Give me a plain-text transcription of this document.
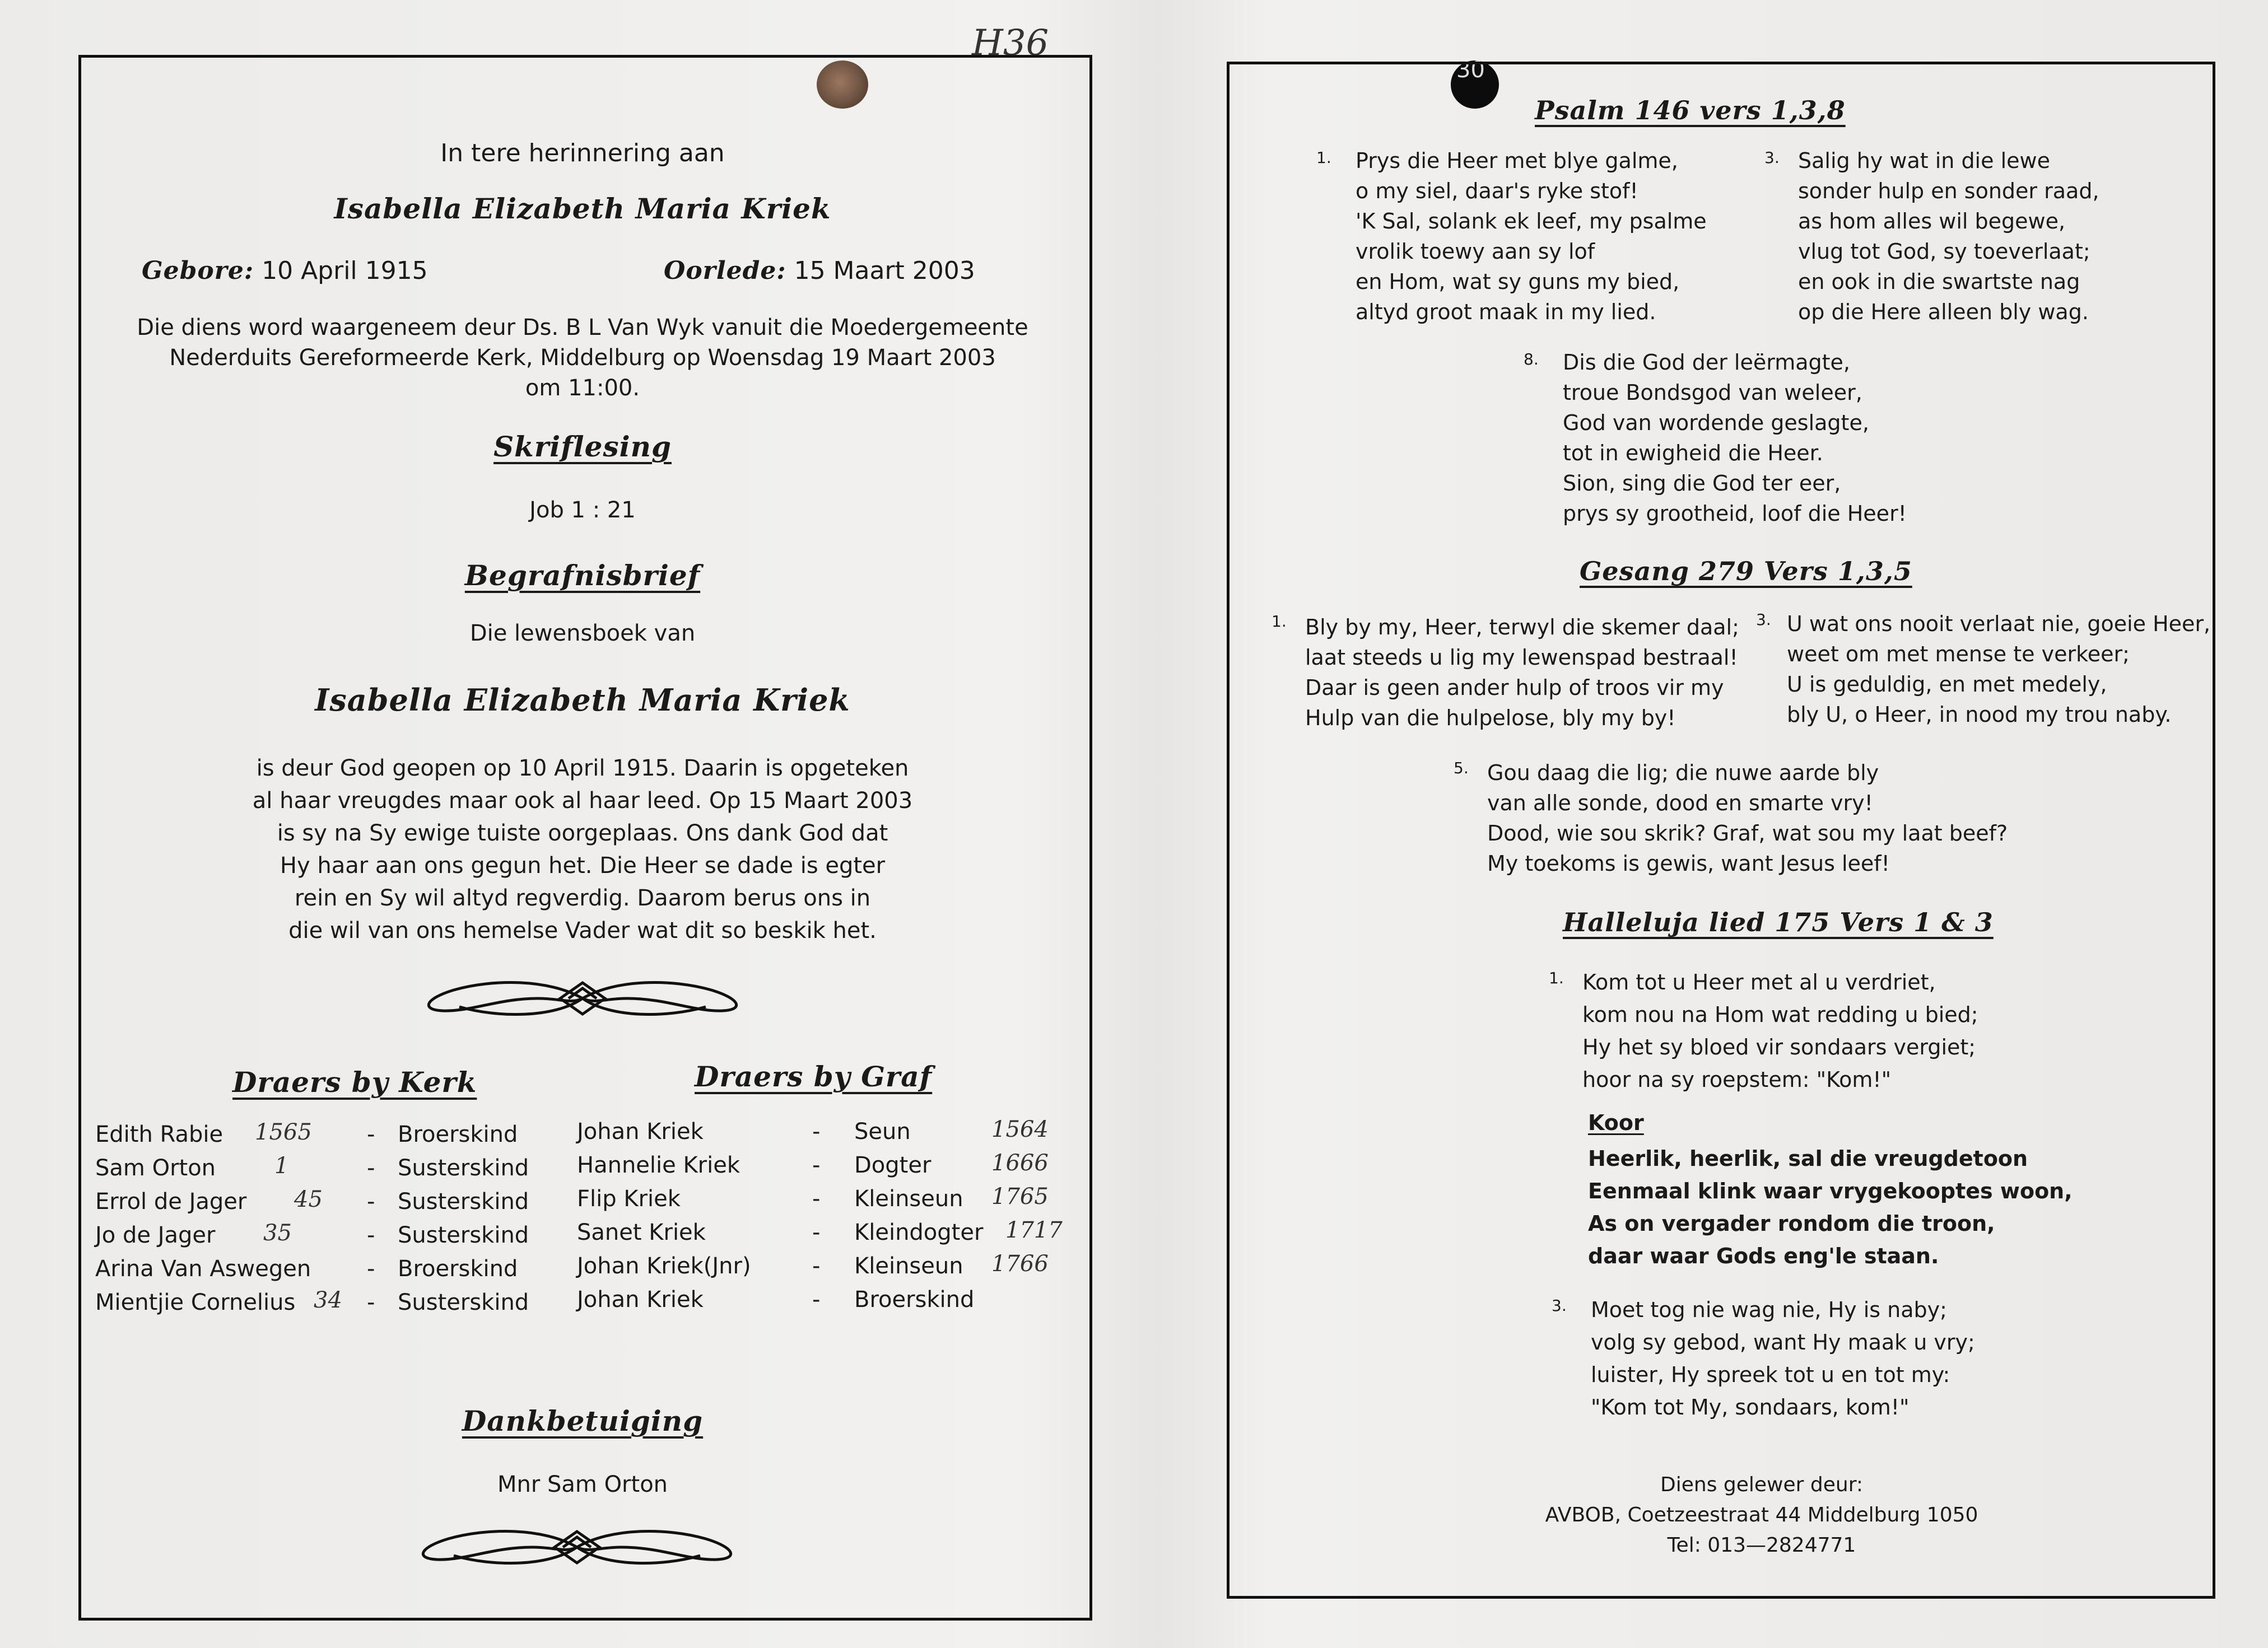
H36
30
In tere herinnering aan
Isabella Elizabeth Maria Kriek
Gebore: 10 April 1915	Oorlede: 15 Maart 2003
Die diens word waargeneem deur Ds. B L Van Wyk vanuit die Moedergemeente
Nederduits Gereformeerde Kerk, Middelburg op Woensdag 19 Maart 2003
om 11:00.
Skriflesing
Job 1 : 21
Begrafnisbrief
Die lewensboek van
Isabella Elizabeth Maria Kriek
is deur God geopen op 10 April 1915. Daarin is opgeteken
al haar vreugdes maar ook al haar leed. Op 15 Maart 2003
is sy na Sy ewige tuiste oorgeplaas. Ons dank God dat
Hy haar aan ons gegun het. Die Heer se dade is egter
rein en Sy wil altyd regverdig. Daarom berus ons in
die wil van ons hemelse Vader wat dit so beskik het.
Draers by Kerk	Draers by Graf
Edith Rabie 1565 - Broerskind
Sam Orton	1	- Susterskind
Errol de Jager 45 - Susterskind
Jo de Jager 35	- Susterskind
Arina Van Aswegen - Broerskind
Mientjie Cornelius 34 - Susterskind
Johan Kriek	- Seun	1564
Hannelie Kriek	- Dogter	1666
Flip Kriek	- Kleinseun 1765
Sanet Kriek	- Kleindogter 1717
Johan Kriek(Jnr)	- Kleinseun 1766
Johan Kriek	- Broerskind
Dankbetuiging
Mnr Sam Orton
Psalm 146 vers 1,3,8
1. Prys die Heer met blye galme,
o my siel, daar's ryke stof!
'K Sal, solank ek leef, my psalme
vrolik toewy aan sy lof
en Hom, wat sy guns my bied,
altyd groot maak in my lied.
3. Salig hy wat in die lewe
sonder hulp en sonder raad,
as hom alles wil begewe,
vlug tot God, sy toeverlaat;
en ook in die swartste nag
op die Here alleen bly wag.
8. Dis die God der leërmagte,
troue Bondsgod van weleer,
God van wordende geslagte,
tot in ewigheid die Heer.
Sion, sing die God ter eer,
prys sy grootheid, loof die Heer!
Gesang 279 Vers 1,3,5
1. Bly by my, Heer, terwyl die skemer daal;
laat steeds u lig my lewenspad bestraal!
Daar is geen ander hulp of troos vir my
Hulp van die hulpelose, bly my by!
3. U wat ons nooit verlaat nie, goeie Heer,
weet om met mense te verkeer;
U is geduldig, en met medely,
bly U, o Heer, in nood my trou naby.
5. Gou daag die lig; die nuwe aarde bly
van alle sonde, dood en smarte vry!
Dood, wie sou skrik? Graf, wat sou my laat beef?
My toekoms is gewis, want Jesus leef!
Halleluja lied 175 Vers 1 & 3
1. Kom tot u Heer met al u verdriet,
kom nou na Hom wat redding u bied;
Hy het sy bloed vir sondaars vergiet;
hoor na sy roepstem: "Kom!"
Koor
Heerlik, heerlik, sal die vreugdetoon
Eenmaal klink waar vrygekooptes woon,
As on vergader rondom die troon,
daar waar Gods eng'le staan.
3. Moet tog nie wag nie, Hy is naby;
volg sy gebod, want Hy maak u vry;
luister, Hy spreek tot u en tot my:
"Kom tot My, sondaars, kom!"
Diens gelewer deur:
AVBOB, Coetzeestraat 44 Middelburg 1050
Tel: 013—2824771
